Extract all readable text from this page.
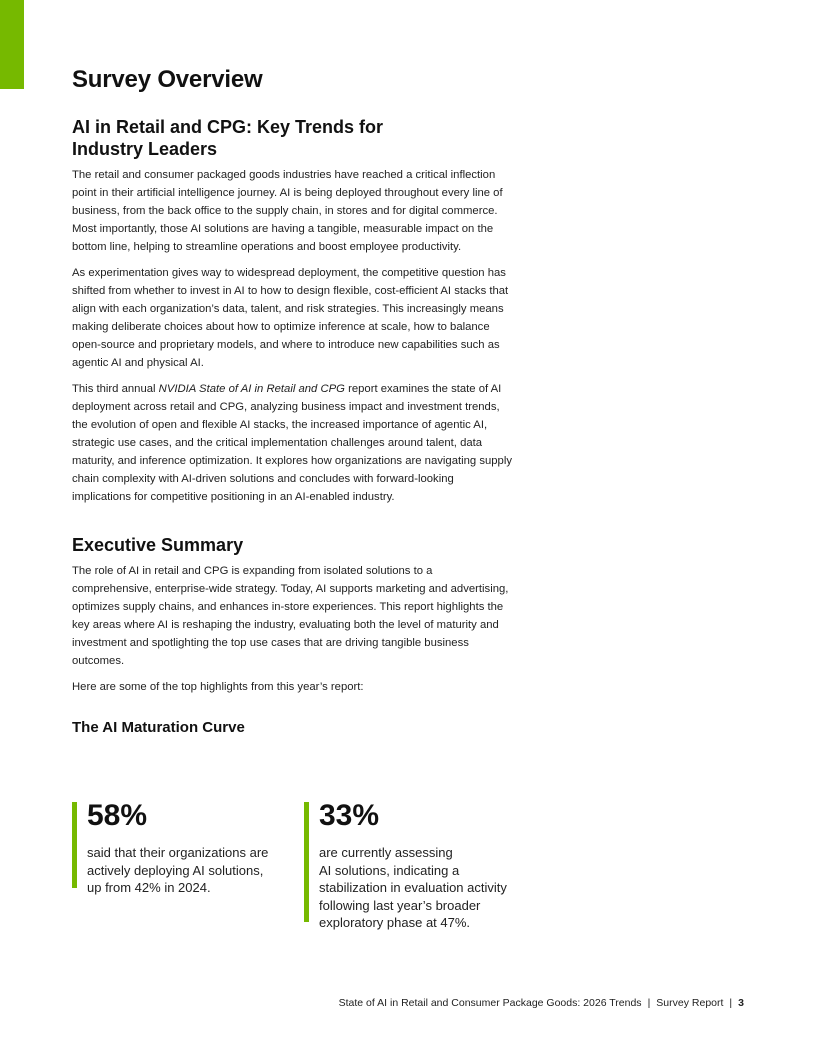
Survey Overview
AI in Retail and CPG: Key Trends for
Industry Leaders

The retail and consumer packaged goods industries have reached a critical inflection point in their artificial intelligence journey. AI is being deployed throughout every line of business, from the back office to the supply chain, in stores and for digital commerce. Most importantly, those AI solutions are having a tangible, measurable impact on the bottom line, helping to streamline operations and boost employee productivity.

As experimentation gives way to widespread deployment, the competitive question has shifted from whether to invest in AI to how to design flexible, cost-efficient AI stacks that align with each organization’s data, talent, and risk strategies. This increasingly means making deliberate choices about how to optimize inference at scale, how to balance open-source and proprietary models, and where to introduce new capabilities such as agentic AI and physical AI.

This third annual NVIDIA State of AI in Retail and CPG report examines the state of AI deployment across retail and CPG, analyzing business impact and investment trends, the evolution of open and flexible AI stacks, the increased importance of agentic AI, strategic use cases, and the critical implementation challenges around talent, data maturity, and inference optimization. It explores how organizations are navigating supply chain complexity with AI-driven solutions and concludes with forward-looking implications for competitive positioning in an AI-enabled industry.

Executive Summary

The role of AI in retail and CPG is expanding from isolated solutions to a comprehensive, enterprise-wide strategy. Today, AI supports marketing and advertising, optimizes supply chains, and enhances in-store experiences. This report highlights the key areas where AI is reshaping the industry, evaluating both the level of maturity and investment and spotlighting the top use cases that are driving tangible business outcomes.

Here are some of the top highlights from this year’s report:

The AI Maturation Curve
58%
said that their organizations are
actively deploying AI solutions,
up from 42% in 2024.
33%
are currently assessing
AI solutions, indicating a
stabilization in evaluation activity
following last year’s broader
exploratory phase at 47%.
State of AI in Retail and Consumer Package Goods: 2026 Trends | Survey Report | 3
